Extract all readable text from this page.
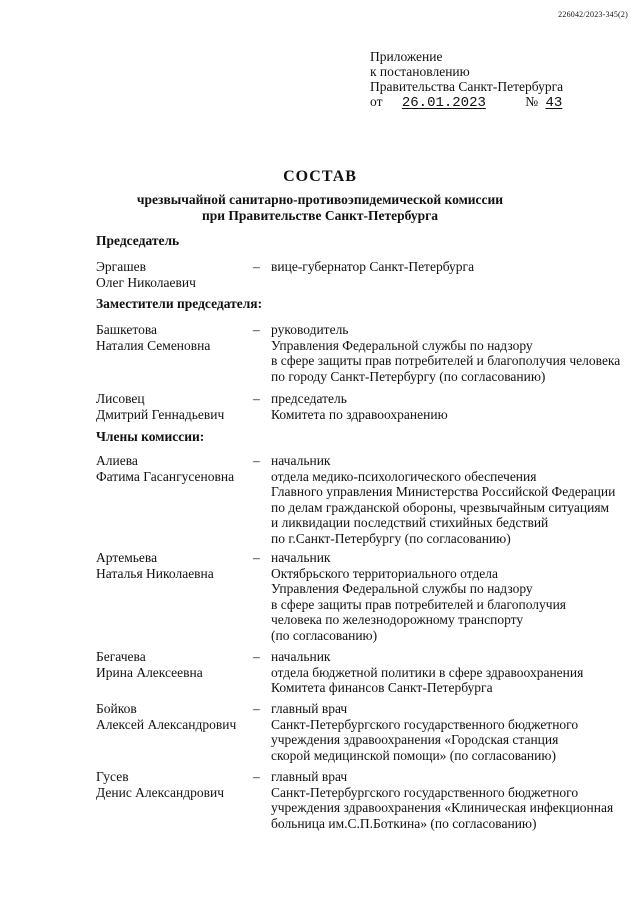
226042/2023-345(2)
Приложение
к постановлению
Правительства Санкт-Петербурга
от 26.01.2023	№ 43
СОСТАВ
чрезвычайной санитарно-противоэпидемической комиссии
при Правительстве Санкт-Петербурга
Председатель
Эргашев
Олег Николаевич
– вице-губернатор Санкт-Петербурга
Заместители председателя:
Башкетова
Наталия Семеновна
– руководитель
Управления Федеральной службы по надзору
в сфере защиты прав потребителей и благополучия человека
по городу Санкт-Петербургу (по согласованию)
Лисовец
Дмитрий Геннадьевич
– председатель
Комитета по здравоохранению
Члены комиссии:
Алиева
Фатима Гасангусеновна
– начальник
отдела медико-психологического обеспечения
Главного управления Министерства Российской Федерации
по делам гражданской обороны, чрезвычайным ситуациям
и ликвидации последствий стихийных бедствий
по г.Санкт-Петербургу (по согласованию)
Артемьева
Наталья Николаевна
– начальник
Октябрьского территориального отдела
Управления Федеральной службы по надзору
в сфере защиты прав потребителей и благополучия
человека по железнодорожному транспорту
(по согласованию)
Бегачева
Ирина Алексеевна
– начальник
отдела бюджетной политики в сфере здравоохранения
Комитета финансов Санкт-Петербурга
Бойков
Алексей Александрович
– главный врач
Санкт-Петербургского государственного бюджетного
учреждения здравоохранения «Городская станция
скорой медицинской помощи» (по согласованию)
Гусев
Денис Александрович
– главный врач
Санкт-Петербургского государственного бюджетного
учреждения здравоохранения «Клиническая инфекционная
больница им.С.П.Боткина» (по согласованию)
